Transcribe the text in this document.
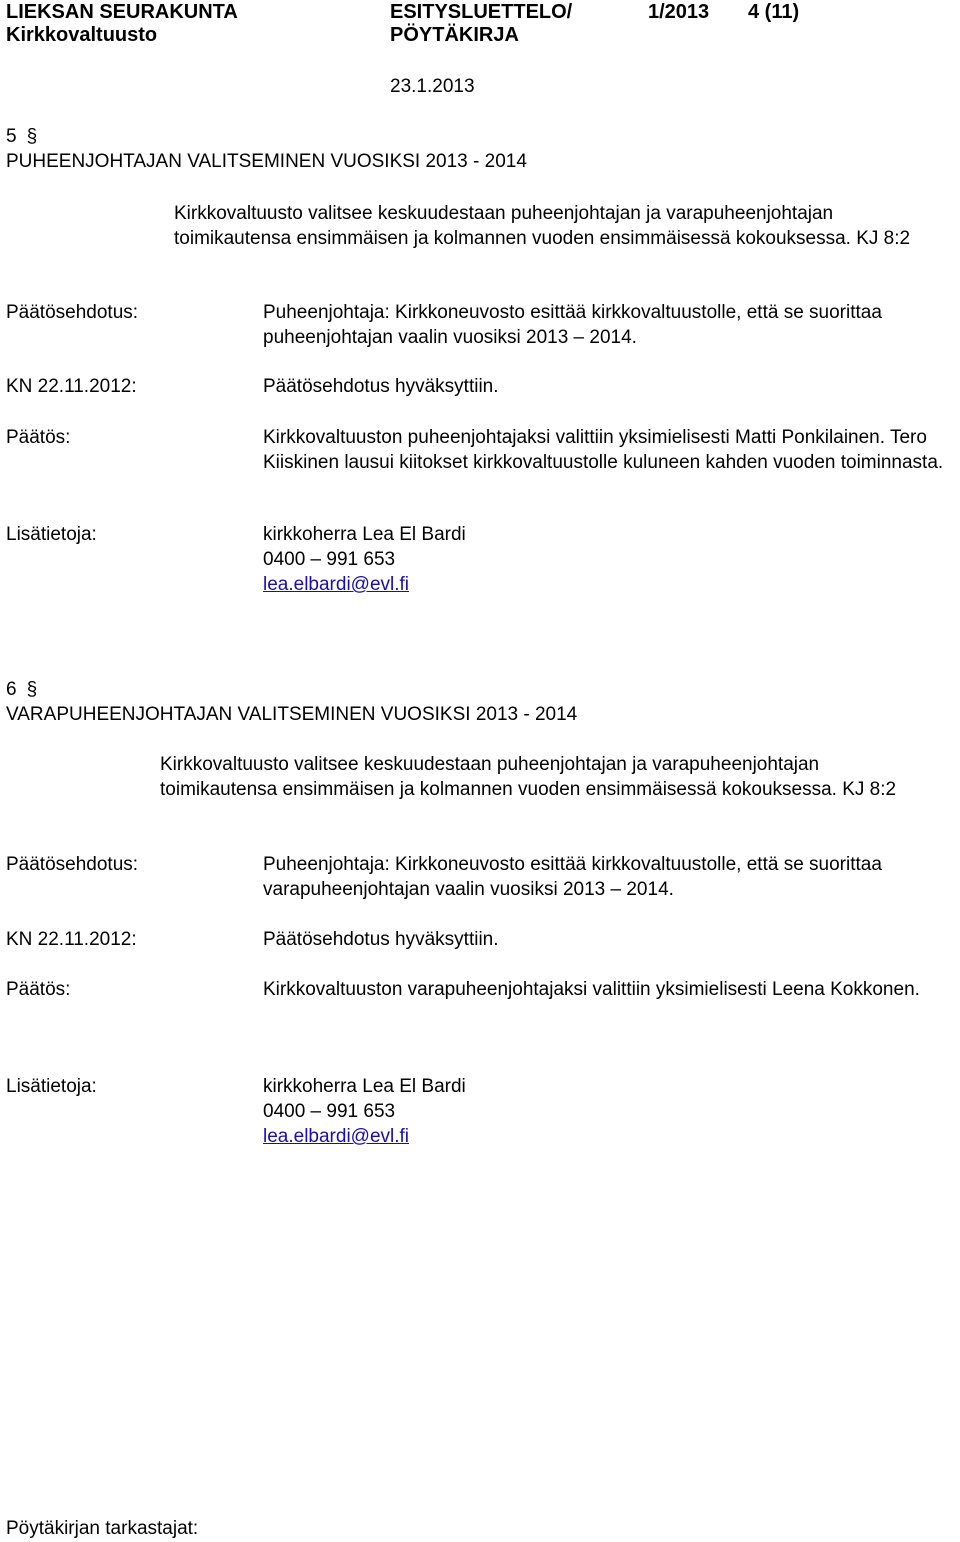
LIEKSAN SEURAKUNTA
Kirkkovaltuusto
ESITYSLUETTELO/
PÖYTÄKIRJA
1/2013 4 (11)
23.1.2013
5 §
PUHEENJOHTAJAN VALITSEMINEN VUOSIKSI 2013 - 2014
Kirkkovaltuusto valitsee keskuudestaan puheenjohtajan ja varapuheenjohtajan toimikautensa ensimmäisen ja kolmannen vuoden ensimmäisessä kokouksessa. KJ 8:2
Päätösehdotus:	Puheenjohtaja: Kirkkoneuvosto esittää kirkkovaltuustolle, että se suorittaa puheenjohtajan vaalin vuosiksi 2013 – 2014.
KN 22.11.2012:	Päätösehdotus hyväksyttiin.
Päätös:	Kirkkovaltuuston puheenjohtajaksi valittiin yksimielisesti Matti Ponkilainen. Tero Kiiskinen lausui kiitokset kirkkovaltuustolle kuluneen kahden vuoden toiminnasta.
Lisätietoja:	kirkkoherra Lea El Bardi
0400 – 991 653
lea.elbardi@evl.fi
6 §
VARAPUHEENJOHTAJAN VALITSEMINEN VUOSIKSI 2013 - 2014
Kirkkovaltuusto valitsee keskuudestaan puheenjohtajan ja varapuheenjohtajan toimikautensa ensimmäisen ja kolmannen vuoden ensimmäisessä kokouksessa. KJ 8:2
Päätösehdotus:	Puheenjohtaja: Kirkkoneuvosto esittää kirkkovaltuustolle, että se suorittaa varapuheenjohtajan vaalin vuosiksi 2013 – 2014.
KN 22.11.2012:	Päätösehdotus hyväksyttiin.
Päätös:	Kirkkovaltuuston varapuheenjohtajaksi valittiin yksimielisesti Leena Kokkonen.
Lisätietoja:	kirkkoherra Lea El Bardi
0400 – 991 653
lea.elbardi@evl.fi
Pöytäkirjan tarkastajat:
